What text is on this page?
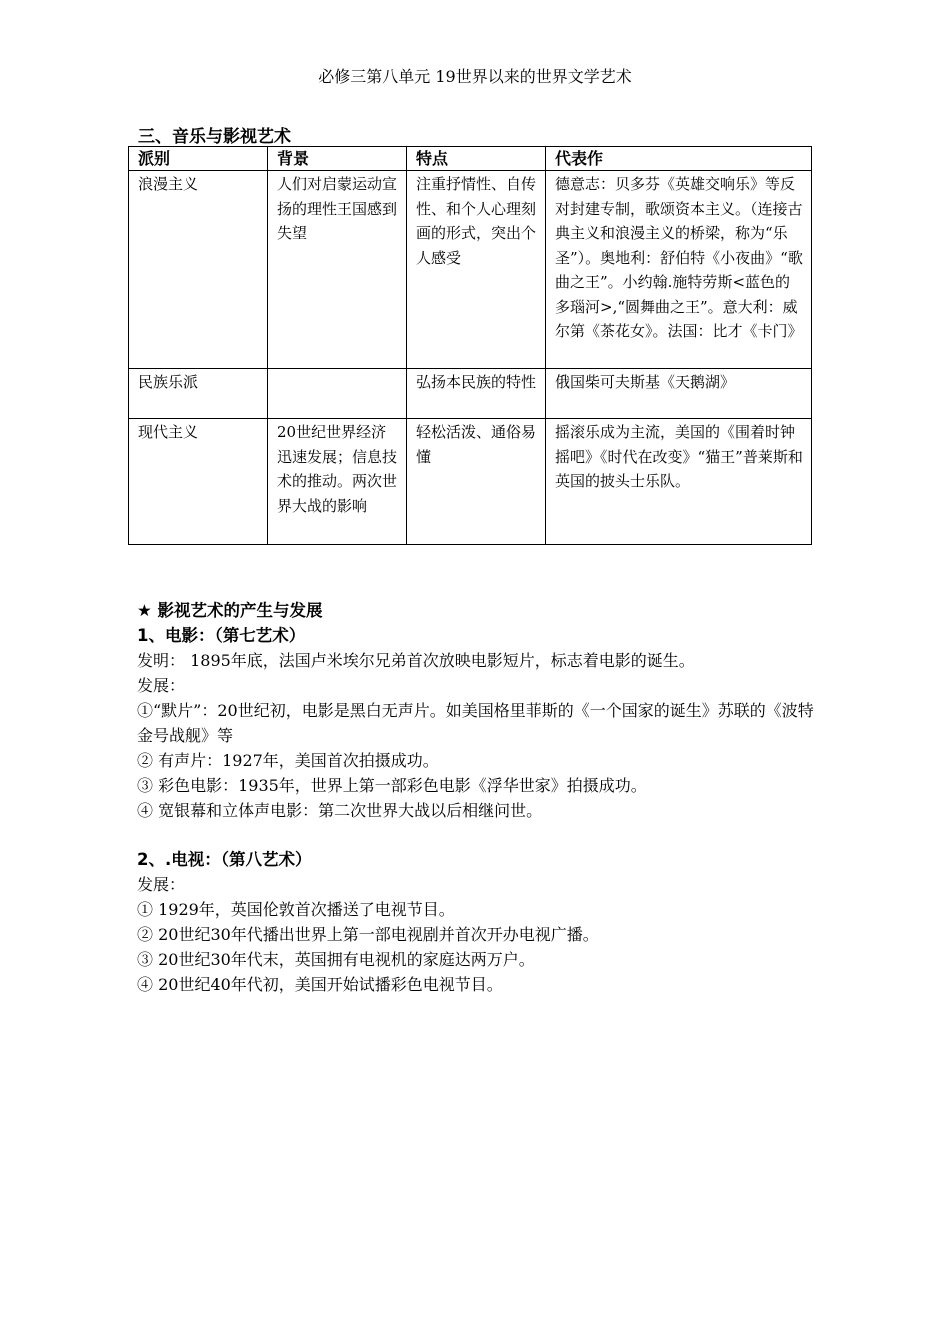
必修三第八单元 19世界以来的世界文学艺术
三、音乐与影视艺术
派别	背景	特点	代表作
浪漫主义	人们对启蒙运动宣扬的理性王国感到失望	注重抒情性、自传性、和个人心理刻画的形式，突出个人感受	德意志：贝多芬《英雄交响乐》等反对封建专制，歌颂资本主义。（连接古典主义和浪漫主义的桥梁，称为“乐圣”）。奥地利：舒伯特《小夜曲》“歌曲之王”。小约翰.施特劳斯<蓝色的多瑙河>,“圆舞曲之王”。意大利：威尔第《茶花女》。法国：比才《卡门》
民族乐派		弘扬本民族的特性	俄国柴可夫斯基《天鹅湖》
现代主义	20世纪世界经济迅速发展；信息技术的推动。两次世界大战的影响	轻松活泼、通俗易懂	摇滚乐成为主流，美国的《围着时钟摇吧》《时代在改变》“猫王”普莱斯和英国的披头士乐队。

★ 影视艺术的产生与发展

1、电影：（第七艺术）

发明： 1895年底，法国卢米埃尔兄弟首次放映电影短片，标志着电影的诞生。

发展：

①“默片”：20世纪初，电影是黑白无声片。如美国格里菲斯的《一个国家的诞生》苏联的《波特金号战舰》等

② 有声片：1927年，美国首次拍摄成功。

③ 彩色电影：1935年，世界上第一部彩色电影《浮华世家》拍摄成功。

④ 宽银幕和立体声电影：第二次世界大战以后相继问世。

2、.电视：（第八艺术）

发展：

① 1929年，英国伦敦首次播送了电视节目。

② 20世纪30年代播出世界上第一部电视剧并首次开办电视广播。

③ 20世纪30年代末，英国拥有电视机的家庭达两万户。

④ 20世纪40年代初，美国开始试播彩色电视节目。
